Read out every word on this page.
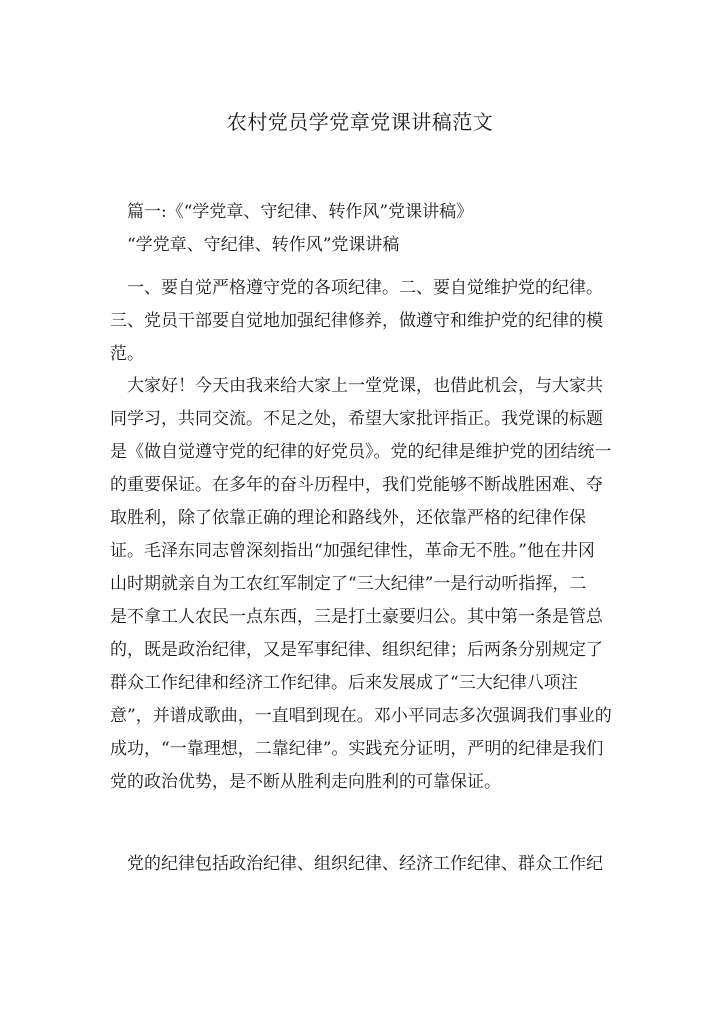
农村党员学党章党课讲稿范文

篇一:《“学党章、守纪律、转作风”党课讲稿》

“学党章、守纪律、转作风”党课讲稿

一、要自觉严格遵守党的各项纪律。二、要自觉维护党的纪律。
三、党员干部要自觉地加强纪律修养，做遵守和维护党的纪律的模
范。

大家好！今天由我来给大家上一堂党课，也借此机会，与大家共
同学习，共同交流。不足之处，希望大家批评指正。我党课的标题
是《做自觉遵守党的纪律的好党员》。党的纪律是维护党的团结统一
的重要保证。在多年的奋斗历程中，我们党能够不断战胜困难、夺
取胜利，除了依靠正确的理论和路线外，还依靠严格的纪律作保
证。毛泽东同志曾深刻指出“加强纪律性，革命无不胜。”他在井冈
山时期就亲自为工农红军制定了“三大纪律”一是行动听指挥，二
是不拿工人农民一点东西，三是打土豪要归公。其中第一条是管总
的，既是政治纪律，又是军事纪律、组织纪律；后两条分别规定了
群众工作纪律和经济工作纪律。后来发展成了“三大纪律八项注
意”，并谱成歌曲，一直唱到现在。邓小平同志多次强调我们事业的
成功，“一靠理想，二靠纪律”。实践充分证明，严明的纪律是我们
党的政治优势，是不断从胜利走向胜利的可靠保证。

党的纪律包括政治纪律、组织纪律、经济工作纪律、群众工作纪
